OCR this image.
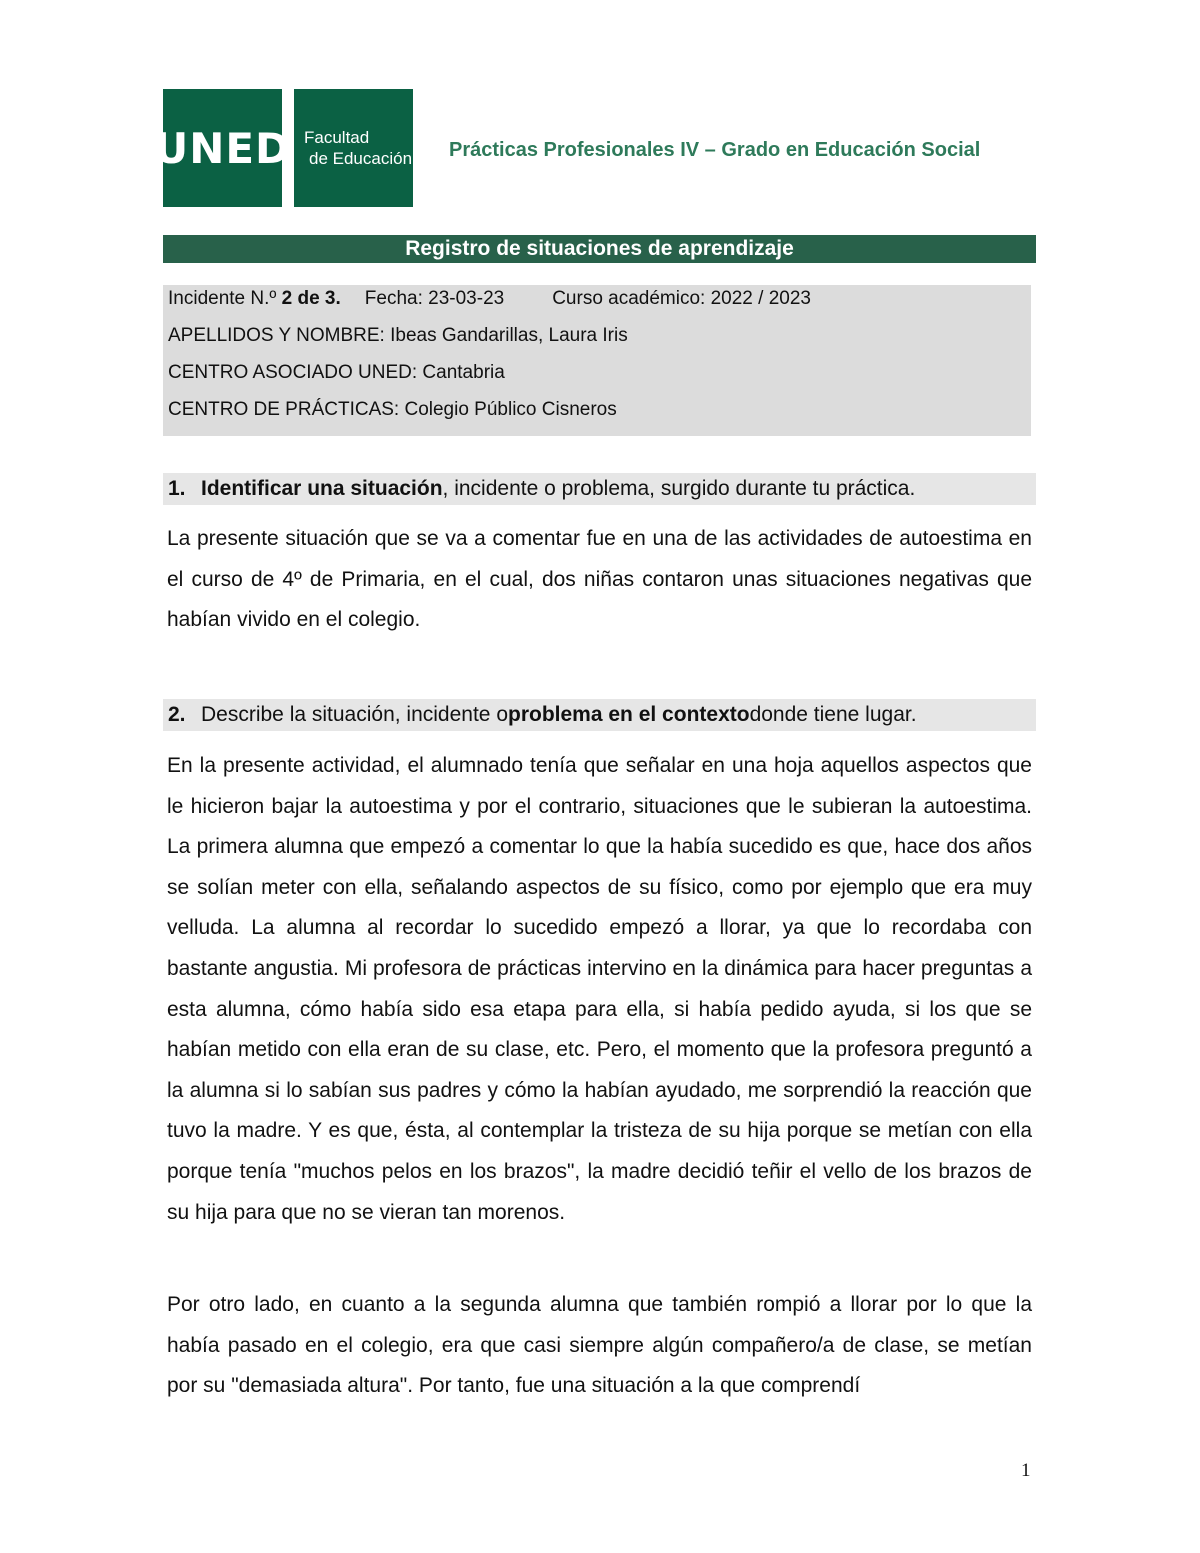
UNED Facultad
de Educación Prácticas Profesionales IV – Grado en Educación Social
Registro de situaciones de aprendizaje
Incidente N.º 2 de 3. Fecha: 23-03-23	Curso académico: 2022 / 2023
APELLIDOS Y NOMBRE: Ibeas Gandarillas, Laura Iris
CENTRO ASOCIADO UNED: Cantabria
CENTRO DE PRÁCTICAS: Colegio Público Cisneros
1. Identificar una situación , incidente o problema, surgido durante tu práctica.
La presente situación que se va a comentar fue en una de las actividades de autoestima en el curso de 4º de Primaria, en el cual, dos niñas contaron unas situaciones negativas que habían vivido en el colegio.
2. Describe la situación, incidente o problema en el contexto donde tiene lugar.
En la presente actividad, el alumnado tenía que señalar en una hoja aquellos aspectos que le hicieron bajar la autoestima y por el contrario, situaciones que le subieran la autoestima. La primera alumna que empezó a comentar lo que la había sucedido es que, hace dos años se solían meter con ella, señalando aspectos de su físico, como por ejemplo que era muy velluda. La alumna al recordar lo sucedido empezó a llorar, ya que lo recordaba con bastante angustia. Mi profesora de prácticas intervino en la dinámica para hacer preguntas a esta alumna, cómo había sido esa etapa para ella, si había pedido ayuda, si los que se habían metido con ella eran de su clase, etc. Pero, el momento que la profesora preguntó a la alumna si lo sabían sus padres y cómo la habían ayudado, me sorprendió la reacción que tuvo la madre. Y es que, ésta, al contemplar la tristeza de su hija porque se metían con ella porque tenía "muchos pelos en los brazos", la madre decidió teñir el vello de los brazos de su hija para que no se vieran tan morenos.
Por otro lado, en cuanto a la segunda alumna que también rompió a llorar por lo que la había pasado en el colegio, era que casi siempre algún compañero/a de clase, se metían por su "demasiada altura". Por tanto, fue una situación a la que comprendí
1
